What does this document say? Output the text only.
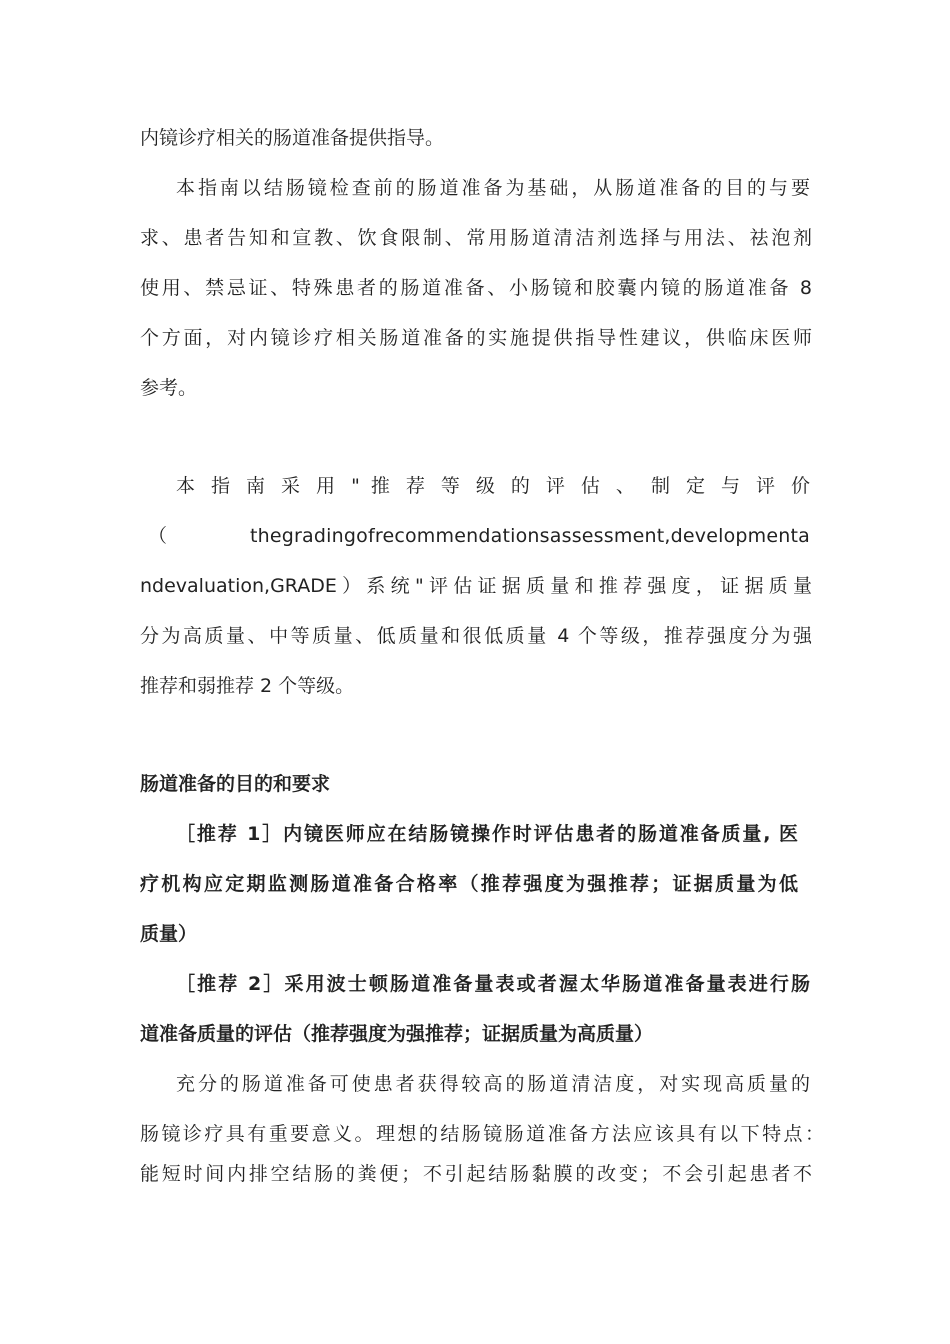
内镜诊疗相关的肠道准备提供指导。
本指南以结肠镜检查前的肠道准备为基础，从肠道准备的目的与要
求、患者告知和宣教、饮食限制、常用肠道清洁剂选择与用法、祛泡剂
使用、禁忌证、特殊患者的肠道准备、小肠镜和胶囊内镜的肠道准备 8
个方面，对内镜诊疗相关肠道准备的实施提供指导性建议，供临床医师
参考。
本 指 南 采 用 " 推 荐 等 级 的 评 估 、 制 定 与 评 价
（thegradingofrecommendationsassessment,developmenta
ndevaluation,GRADE）系统"评估证据质量和推荐强度，证据质量
分为高质量、中等质量、低质量和很低质量 4 个等级，推荐强度分为强
推荐和弱推荐 2 个等级。
肠道准备的目的和要求
［推荐 1］内镜医师应在结肠镜操作时评估患者的肠道准备质量, 医
疗机构应定期监测肠道准备合格率（推荐强度为强推荐；证据质量为低
质量）
［推荐 2］采用波士顿肠道准备量表或者渥太华肠道准备量表进行肠
道准备质量的评估（推荐强度为强推荐；证据质量为高质量）
充分的肠道准备可使患者获得较高的肠道清洁度，对实现高质量的
肠镜诊疗具有重要意义。理想的结肠镜肠道准备方法应该具有以下特点：
能短时间内排空结肠的粪便；不引起结肠黏膜的改变；不会引起患者不
